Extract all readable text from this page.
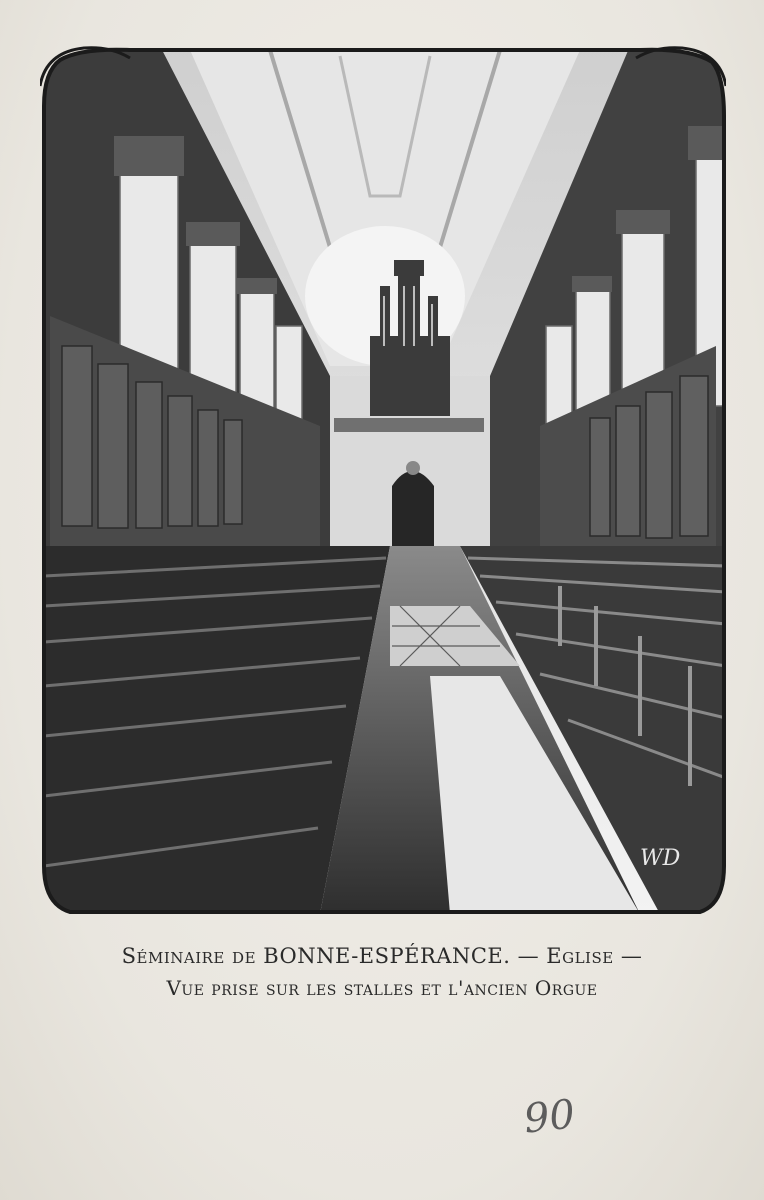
WD
Séminaire de BONNE-ESPÉRANCE. — Eglise —
Vue prise sur les stalles et l'ancien Orgue
90
